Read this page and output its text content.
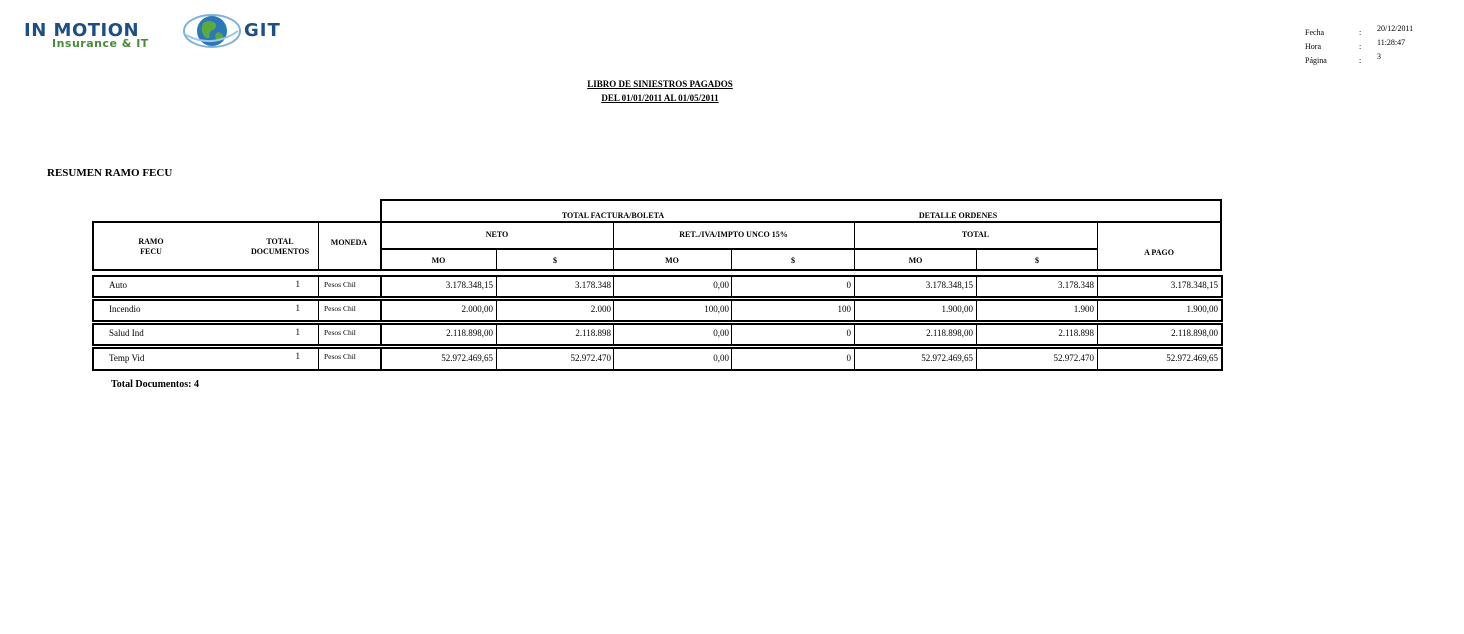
IN MOTION	GIT
Insurance & IT
Fecha	: 20/12/2011
Hora	: 11:28:47
Página	: 3
LIBRO DE SINIESTROS PAGADOS
DEL 01/01/2011 AL 01/05/2011
RESUMEN RAMO FECU
TOTAL FACTURA/BOLETA	DETALLE ORDENES
RAMO
FECU
TOTAL
DOCUMENTOS
MONEDA
NETO	RET../IVA/IMPTO UNCO 15%	TOTAL
A PAGO
MO	$	MO	$	MO	$
Auto	1	Pesos Chil	3.178.348,15	3.178.348	0,00	0	3.178.348,15	3.178.348	3.178.348,15
Incendio	1	Pesos Chil	2.000,00	2.000	100,00	100	1.900,00	1.900	1.900,00
Salud Ind	1	Pesos Chil	2.118.898,00	2.118.898	0,00	0	2.118.898,00	2.118.898	2.118.898,00
Temp Vid	1	Pesos Chil	52.972.469,65	52.972.470	0,00	0	52.972.469,65	52.972.470	52.972.469,65
Total Documentos: 4
